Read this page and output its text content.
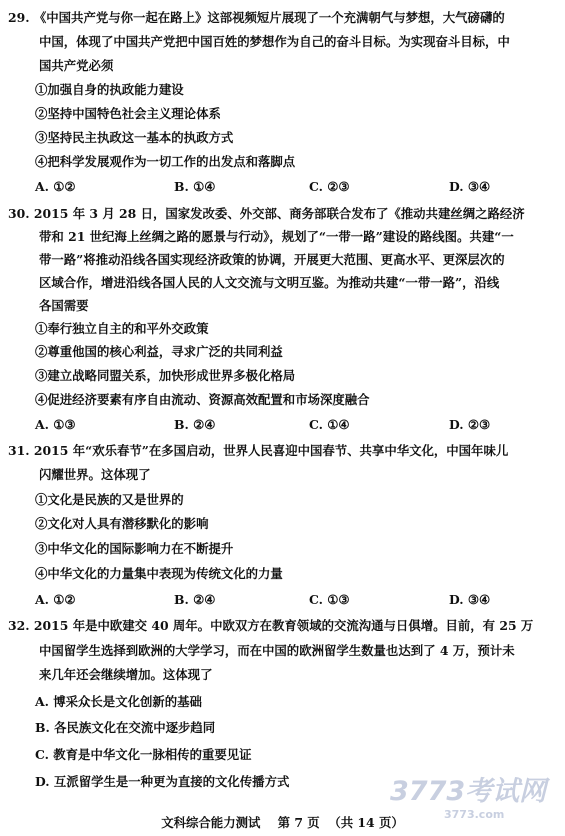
29. 《中国共产党与你一起在路上》这部视频短片展现了一个充满朝气与梦想，大气磅礴的
中国，体现了中国共产党把中国百姓的梦想作为自己的奋斗目标。为实现奋斗目标，中
国共产党必须
①加强自身的执政能力建设
②坚持中国特色社会主义理论体系
③坚持民主执政这一基本的执政方式
④把科学发展观作为一切工作的出发点和落脚点
A. ①②	B. ①④	C. ②③	D. ③④
30. 2015 年 3 月 28 日，国家发改委、外交部、商务部联合发布了《推动共建丝绸之路经济
带和 21 世纪海上丝绸之路的愿景与行动》，规划了“一带一路”建设的路线图。共建“一
带一路”将推动沿线各国实现经济政策的协调，开展更大范围、更高水平、更深层次的
区域合作，增进沿线各国人民的人文交流与文明互鉴。为推动共建“一带一路”，沿线
各国需要
①奉行独立自主的和平外交政策
②尊重他国的核心利益，寻求广泛的共同利益
③建立战略同盟关系，加快形成世界多极化格局
④促进经济要素有序自由流动、资源高效配置和市场深度融合
A. ①③	B. ②④	C. ①④	D. ②③
31. 2015 年“欢乐春节”在多国启动，世界人民喜迎中国春节、共享中华文化，中国年味儿
闪耀世界。这体现了
①文化是民族的又是世界的
②文化对人具有潜移默化的影响
③中华文化的国际影响力在不断提升
④中华文化的力量集中表现为传统文化的力量
A. ①②	B. ②④	C. ①③	D. ③④
32. 2015 年是中欧建交 40 周年。中欧双方在教育领域的交流沟通与日俱增。目前，有 25 万
中国留学生选择到欧洲的大学学习，而在中国的欧洲留学生数量也达到了 4 万，预计未
来几年还会继续增加。这体现了
A. 博采众长是文化创新的基础
B. 各民族文化在交流中逐步趋同
C. 教育是中华文化一脉相传的重要见证
D. 互派留学生是一种更为直接的文化传播方式	3773考试网
3773.com
文科综合能力测试 第 7 页 （共 14 页）
